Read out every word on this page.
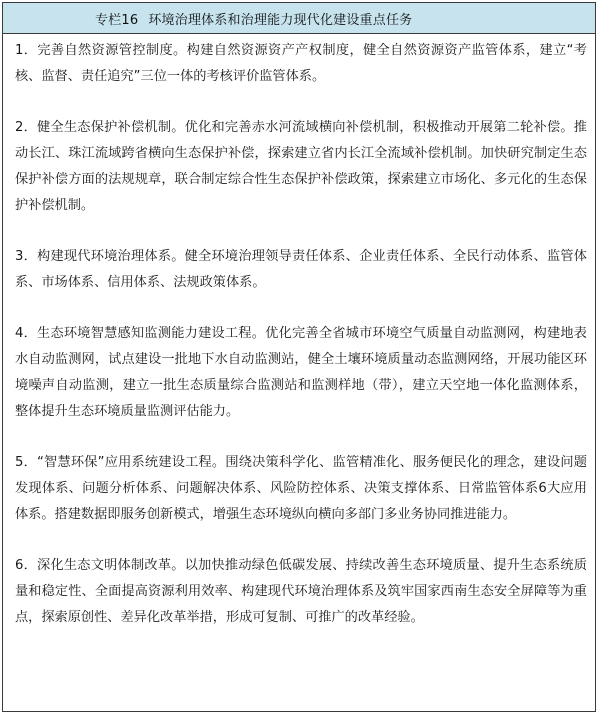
专栏16 环境治理体系和治理能力现代化建设重点任务

1．完善自然资源管控制度。构建自然资源资产产权制度，健全自然资源资产监管体系，建立“考核、监督、责任追究”三位一体的考核评价监管体系。

2．健全生态保护补偿机制。优化和完善赤水河流域横向补偿机制，积极推动开展第二轮补偿。推动长江、珠江流域跨省横向生态保护补偿，探索建立省内长江全流域补偿机制。加快研究制定生态保护补偿方面的法规规章，联合制定综合性生态保护补偿政策，探索建立市场化、多元化的生态保护补偿机制。

3．构建现代环境治理体系。健全环境治理领导责任体系、企业责任体系、全民行动体系、监管体系、市场体系、信用体系、法规政策体系。

4．生态环境智慧感知监测能力建设工程。优化完善全省城市环境空气质量自动监测网，构建地表水自动监测网，试点建设一批地下水自动监测站，健全土壤环境质量动态监测网络，开展功能区环境噪声自动监测，建立一批生态质量综合监测站和监测样地（带），建立天空地一体化监测体系，整体提升生态环境质量监测评估能力。

5．“智慧环保”应用系统建设工程。围绕决策科学化、监管精准化、服务便民化的理念，建设问题发现体系、问题分析体系、问题解决体系、风险防控体系、决策支撑体系、日常监管体系6大应用体系。搭建数据即服务创新模式，增强生态环境纵向横向多部门多业务协同推进能力。

6．深化生态文明体制改革。以加快推动绿色低碳发展、持续改善生态环境质量、提升生态系统质量和稳定性、全面提高资源利用效率、构建现代环境治理体系及筑牢国家西南生态安全屏障等为重点，探索原创性、差异化改革举措，形成可复制、可推广的改革经验。
